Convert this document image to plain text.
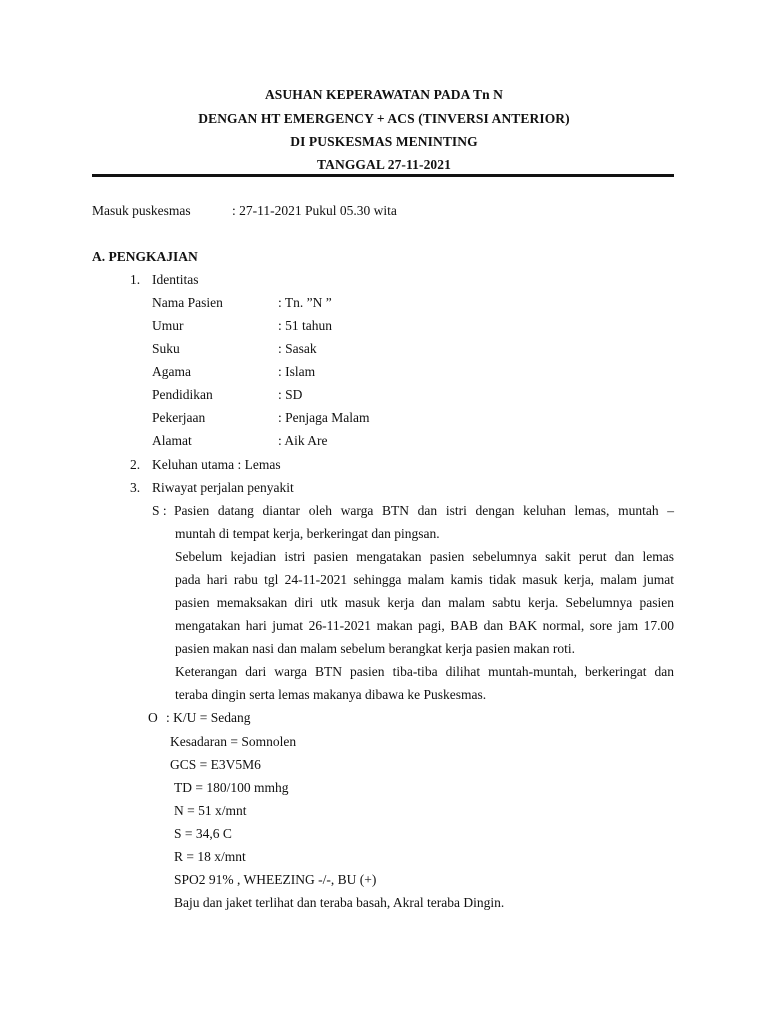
ASUHAN KEPERAWATAN PADA Tn N
DENGAN HT EMERGENCY + ACS (TINVERSI ANTERIOR)
DI PUSKESMAS MENINTING
TANGGAL 27-11-2021
Masuk puskesmas	: 27-11-2021 Pukul 05.30 wita
A. PENGKAJIAN
1. Identitas
Nama Pasien	: Tn. ”N ”
Umur	: 51 tahun
Suku	: Sasak
Agama	: Islam
Pendidikan	: SD
Pekerjaan	: Penjaga Malam
Alamat	: Aik Are
2. Keluhan utama : Lemas
3. Riwayat perjalan penyakit
S : Pasien datang diantar oleh warga BTN dan istri dengan keluhan lemas, muntah –
muntah di tempat kerja, berkeringat dan pingsan.
Sebelum kejadian istri pasien mengatakan pasien sebelumnya sakit perut dan lemas
pada hari rabu tgl 24-11-2021 sehingga malam kamis tidak masuk kerja, malam jumat
pasien memaksakan diri utk masuk kerja dan malam sabtu kerja. Sebelumnya pasien
mengatakan hari jumat 26-11-2021 makan pagi, BAB dan BAK normal, sore jam 17.00
pasien makan nasi dan malam sebelum berangkat kerja pasien makan roti.
Keterangan dari warga BTN pasien tiba-tiba dilihat muntah-muntah, berkeringat dan
teraba dingin serta lemas makanya dibawa ke Puskesmas.
O : K/U = Sedang
Kesadaran = Somnolen
GCS = E3V5M6
TD = 180/100 mmhg
N = 51 x/mnt
S = 34,6 C
R = 18 x/mnt
SPO2 91% , WHEEZING -/-, BU (+)
Baju dan jaket terlihat dan teraba basah, Akral teraba Dingin.
